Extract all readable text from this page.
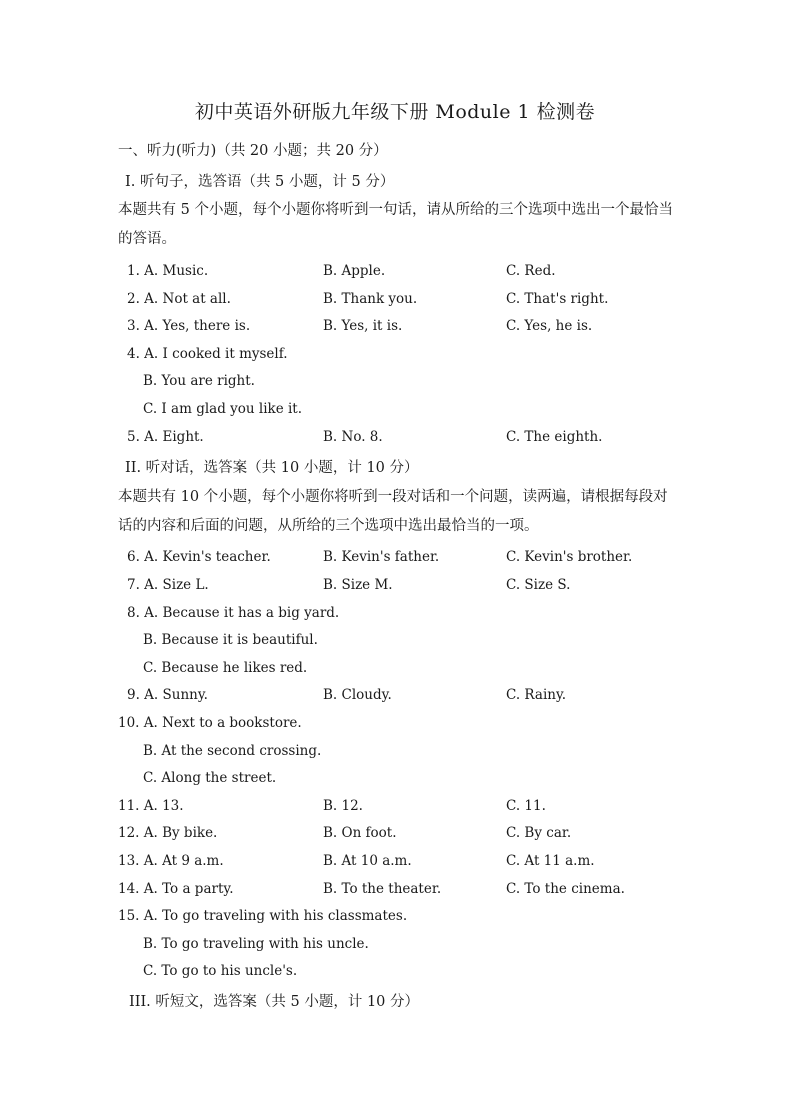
初中英语外研版九年级下册 Module 1 检测卷
一、听力(听力)（共 20 小题；共 20 分）
I. 听句子，选答语（共 5 小题，计 5 分）
本题共有 5 个小题，每个小题你将听到一句话，请从所给的三个选项中选出一个最恰当的答语。
1. A. Music.	B. Apple.	C. Red.
2. A. Not at all.	B. Thank you.	C. That's right.
3. A. Yes, there is.	B. Yes, it is.	C. Yes, he is.
4. A. I cooked it myself.
B. You are right.
C. I am glad you like it.
5. A. Eight.	B. No. 8.	C. The eighth.
II. 听对话，选答案（共 10 小题，计 10 分）
本题共有 10 个小题，每个小题你将听到一段对话和一个问题，读两遍，请根据每段对话的内容和后面的问题，从所给的三个选项中选出最恰当的一项。
6. A. Kevin's teacher.	B. Kevin's father.	C. Kevin's brother.
7. A. Size L.	B. Size M.	C. Size S.
8. A. Because it has a big yard.
B. Because it is beautiful.
C. Because he likes red.
9. A. Sunny.	B. Cloudy.	C. Rainy.
10. A. Next to a bookstore.
B. At the second crossing.
C. Along the street.
11. A. 13.	B. 12.	C. 11.
12. A. By bike.	B. On foot.	C. By car.
13. A. At 9 a.m.	B. At 10 a.m.	C. At 11 a.m.
14. A. To a party.	B. To the theater.	C. To the cinema.
15. A. To go traveling with his classmates.
B. To go traveling with his uncle.
C. To go to his uncle's.
III. 听短文，选答案（共 5 小题，计 10 分）
